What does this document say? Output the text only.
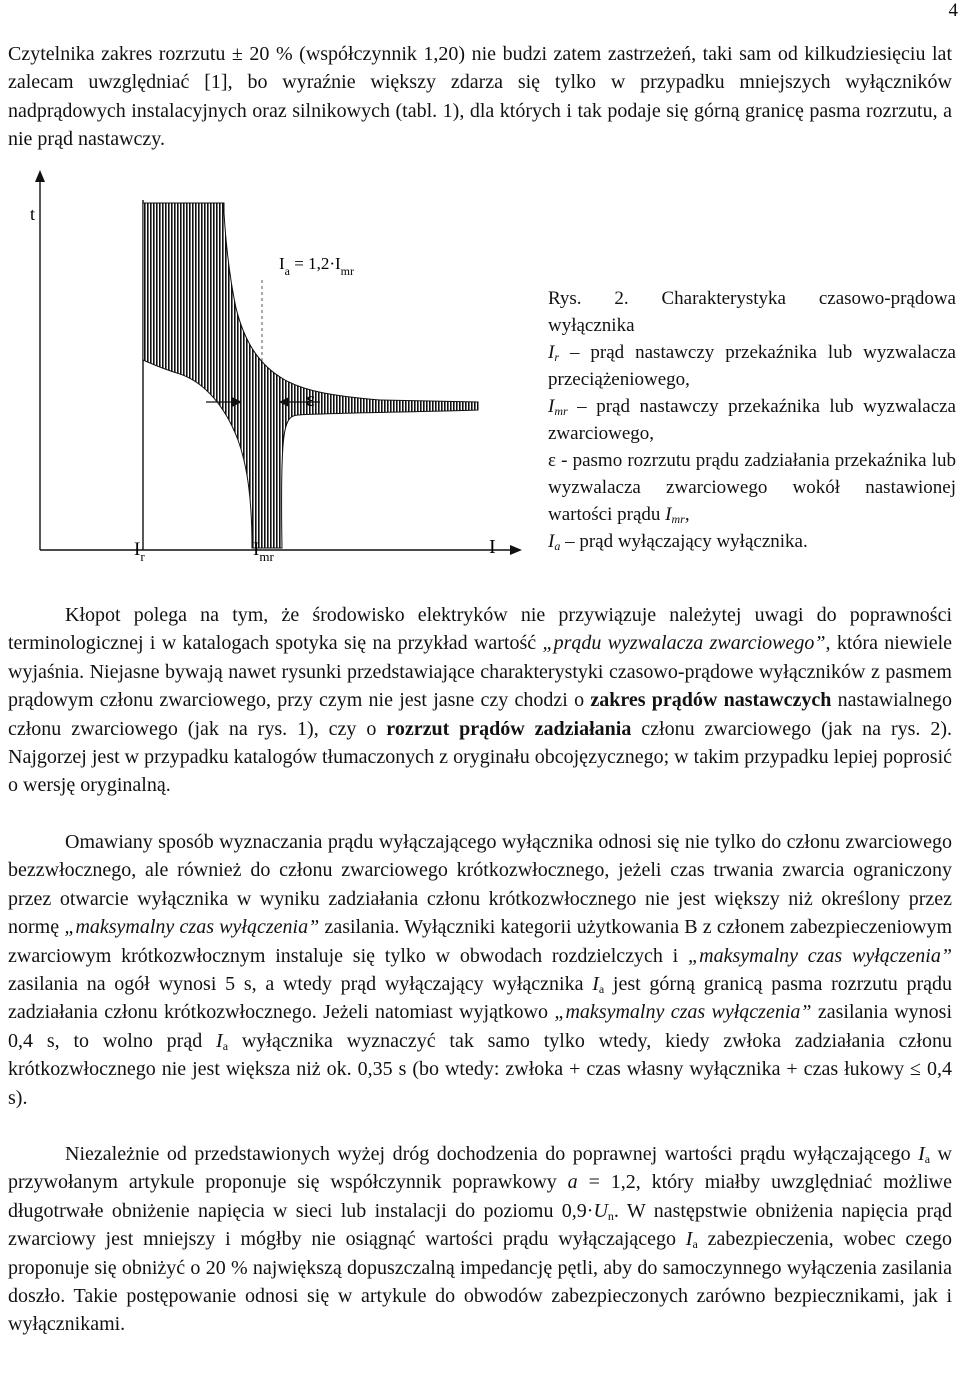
4

Czytelnika zakres rozrzutu ± 20 % (współczynnik 1,20) nie budzi zatem zastrzeżeń, taki sam od kilkudziesięciu lat zalecam uwzględniać [1], bo wyraźnie większy zdarza się tylko w przypadku mniejszych wyłączników nadprądowych instalacyjnych oraz silnikowych (tabl. 1), dla których i tak podaje się górną granicę pasma rozrzutu, a nie prąd nastawczy.

t
I
ε
$I_r$	$I_{mr}$
$I_a = 1,2\cdot I_{mr}$

Rys. 2. Charakterystyka czasowo-prądowa wyłącznika

$I_r$ – prąd nastawczy przekaźnika lub wyzwalacza przeciążeniowego,

$I_{mr}$ – prąd nastawczy przekaźnika lub wyzwalacza zwarciowego,

ε - pasmo rozrzutu prądu zadziałania przekaźnika lub wyzwalacza zwarciowego wokół nastawionej wartości prądu $I_{mr}$,

$I_a$ – prąd wyłączający wyłącznika.

Kłopot polega na tym, że środowisko elektryków nie przywiązuje należytej uwagi do poprawności terminologicznej i w katalogach spotyka się na przykład wartość „prądu wyzwalacza zwarciowego”, która niewiele wyjaśnia. Niejasne bywają nawet rysunki przedstawiające charakterystyki czasowo-prądowe wyłączników z pasmem prądowym członu zwarciowego, przy czym nie jest jasne czy chodzi o zakres prądów nastawczych nastawialnego członu zwarciowego (jak na rys. 1), czy o rozrzut prądów zadziałania członu zwarciowego (jak na rys. 2). Najgorzej jest w przypadku katalogów tłumaczonych z oryginału obcojęzycznego; w takim przypadku lepiej poprosić o wersję oryginalną.

Omawiany sposób wyznaczania prądu wyłączającego wyłącznika odnosi się nie tylko do członu zwarciowego bezzwłocznego, ale również do członu zwarciowego krótkozwłocznego, jeżeli czas trwania zwarcia ograniczony przez otwarcie wyłącznika w wyniku zadziałania członu krótkozwłocznego nie jest większy niż określony przez normę „maksymalny czas wyłączenia” zasilania. Wyłączniki kategorii użytkowania B z członem zabezpieczeniowym zwarciowym krótkozwłocznym instaluje się tylko w obwodach rozdzielczych i „maksymalny czas wyłączenia” zasilania na ogół wynosi 5 s, a wtedy prąd wyłączający wyłącznika $I_a$ jest górną granicą pasma rozrzutu prądu zadziałania członu krótkozwłocznego. Jeżeli natomiast wyjątkowo „maksymalny czas wyłączenia” zasilania wynosi 0,4 s, to wolno prąd $I_a$ wyłącznika wyznaczyć tak samo tylko wtedy, kiedy zwłoka zadziałania członu krótkozwłocznego nie jest większa niż ok. 0,35 s (bo wtedy: zwłoka + czas własny wyłącznika + czas łukowy ≤ 0,4 s).

Niezależnie od przedstawionych wyżej dróg dochodzenia do poprawnej wartości prądu wyłączającego $I_a$ w przywołanym artykule proponuje się współczynnik poprawkowy a = 1,2, który miałby uwzględniać możliwe długotrwałe obniżenie napięcia w sieci lub instalacji do poziomu $0,9\cdot U_n$. W następstwie obniżenia napięcia prąd zwarciowy jest mniejszy i mógłby nie osiągnąć wartości prądu wyłączającego $I_a$ zabezpieczenia, wobec czego proponuje się obniżyć o 20 % największą dopuszczalną impedancję pętli, aby do samoczynnego wyłączenia zasilania doszło. Takie postępowanie odnosi się w artykule do obwodów zabezpieczonych zarówno bezpiecznikami, jak i wyłącznikami.
